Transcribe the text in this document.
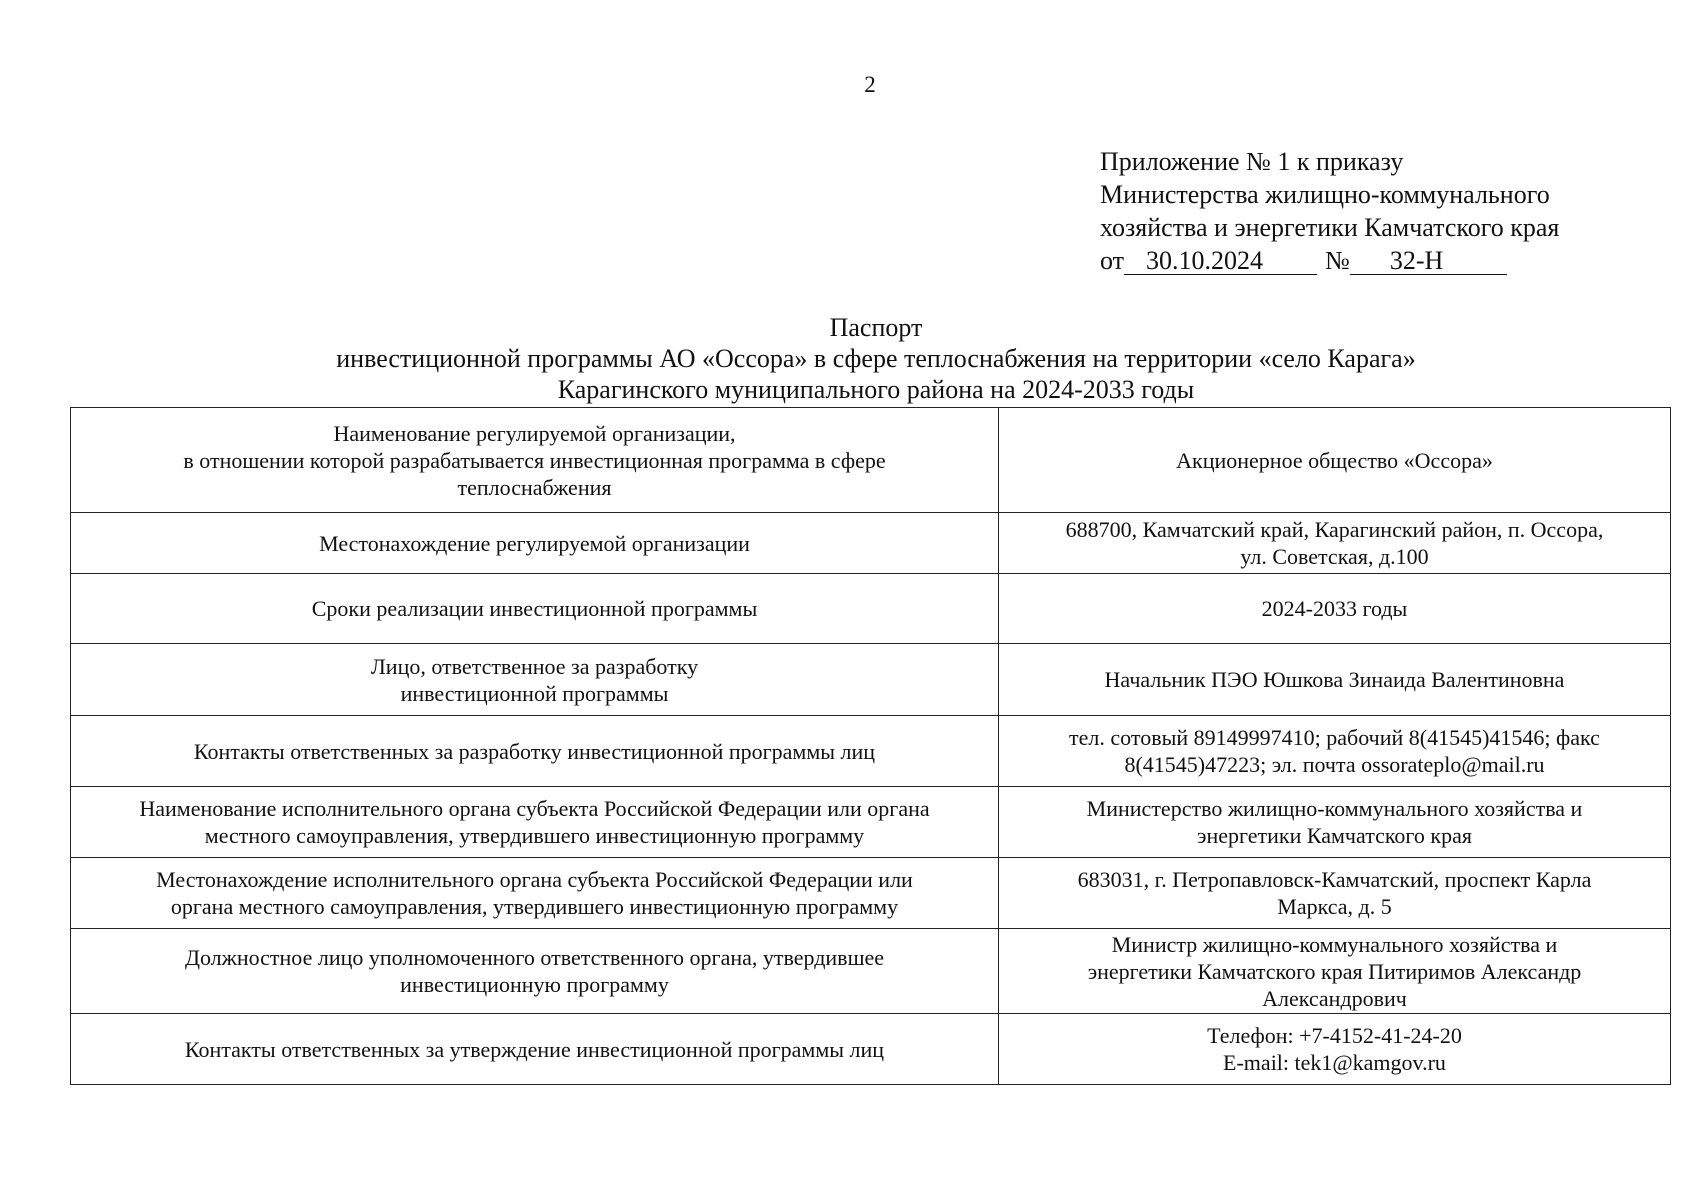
2
Приложение № 1 к приказу
Министерства жилищно-коммунального
хозяйства и энергетики Камчатского края
от 30.10.2024 № 32-Н
Паспорт
инвестиционной программы АО «Оссора» в сфере теплоснабжения на территории «село Карага»
Карагинского муниципального района на 2024-2033 годы
Наименование регулируемой организации,
в отношении которой разрабатывается инвестиционная программа в сфере
теплоснабжения	Акционерное общество «Оссора»
Местонахождение регулируемой организации	688700, Камчатский край, Карагинский район, п. Оссора,
ул. Советская, д.100
Сроки реализации инвестиционной программы	2024-2033 годы
Лицо, ответственное за разработку
инвестиционной программы	Начальник ПЭО Юшкова Зинаида Валентиновна
Контакты ответственных за разработку инвестиционной программы лиц	тел. сотовый 89149997410; рабочий 8(41545)41546; факс
8(41545)47223; эл. почта ossorateplo@mail.ru
Наименование исполнительного органа субъекта Российской Федерации или органа
местного самоуправления, утвердившего инвестиционную программу	Министерство жилищно-коммунального хозяйства и
энергетики Камчатского края
Местонахождение исполнительного органа субъекта Российской Федерации или
органа местного самоуправления, утвердившего инвестиционную программу	683031, г. Петропавловск-Камчатский, проспект Карла
Маркса, д. 5
Должностное лицо уполномоченного ответственного органа, утвердившее
инвестиционную программу	Министр жилищно-коммунального хозяйства и
энергетики Камчатского края Питиримов Александр
Александрович
Контакты ответственных за утверждение инвестиционной программы лиц	Телефон: +7-4152-41-24-20
E-mail: tek1@kamgov.ru
